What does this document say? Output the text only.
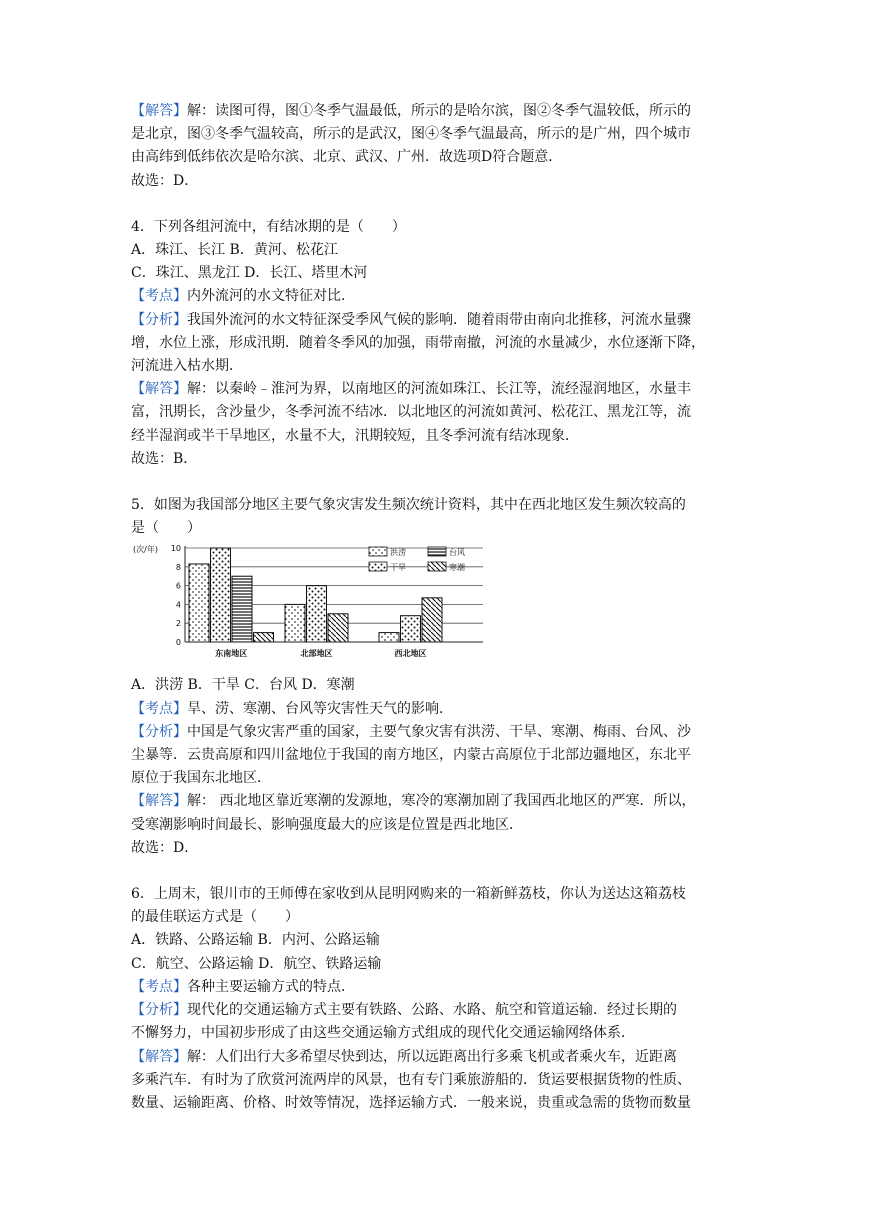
【解答】解：读图可得，图①冬季气温最低，所示的是哈尔滨，图②冬季气温较低，所示的

是北京，图③冬季气温较高，所示的是武汉，图④冬季气温最高，所示的是广州，四个城市

由高纬到低纬依次是哈尔滨、北京、武汉、广州．故选项D符合题意．

故选：D．

4．下列各组河流中，有结冰期的是（　　）

A．珠江、长江 B．黄河、松花江

C．珠江、黑龙江 D．长江、塔里木河

【考点】内外流河的水文特征对比．

【分析】我国外流河的水文特征深受季风气候的影响．随着雨带由南向北推移，河流水量骤

增，水位上涨，形成汛期．随着冬季风的加强，雨带南撤，河流的水量减少，水位逐渐下降，

河流进入枯水期．

【解答】解：以秦岭﹣淮河为界，以南地区的河流如珠江、长江等，流经湿润地区，水量丰

富，汛期长，含沙量少，冬季河流不结冰．以北地区的河流如黄河、松花江、黑龙江等，流

经半湿润或半干旱地区，水量不大，汛期较短，且冬季河流有结冰现象．

故选：B．

5．如图为我国部分地区主要气象灾害发生频次统计资料，其中在西北地区发生频次较高的

是（　　）

(次/年)
0
2
4
6
8
10
东南地区	北部地区	西北地区
洪涝
干旱
台风
寒潮

A．洪涝 B．干旱 C．台风 D．寒潮

【考点】旱、涝、寒潮、台风等灾害性天气的影响．

【分析】中国是气象灾害严重的国家，主要气象灾害有洪涝、干旱、寒潮、梅雨、台风、沙

尘暴等．云贵高原和四川盆地位于我国的南方地区，内蒙古高原位于北部边疆地区，东北平

原位于我国东北地区．

【解答】解： 西北地区靠近寒潮的发源地，寒冷的寒潮加剧了我国西北地区的严寒．所以，

受寒潮影响时间最长、影响强度最大的应该是位置是西北地区．

故选：D．

6．上周末，银川市的王师傅在家收到从昆明网购来的一箱新鲜荔枝，你认为送达这箱荔枝

的最佳联运方式是（　　）

A．铁路、公路运输 B．内河、公路运输

C．航空、公路运输 D．航空、铁路运输

【考点】各种主要运输方式的特点．

【分析】现代化的交通运输方式主要有铁路、公路、水路、航空和管道运输．经过长期的

不懈努力，中国初步形成了由这些交通运输方式组成的现代化交通运输网络体系．

【解答】解：人们出行大多希望尽快到达，所以远距离出行多乘飞机或者乘火车，近距离

多乘汽车．有时为了欣赏河流两岸的风景，也有专门乘旅游船的．货运要根据货物的性质、

数量、运输距离、价格、时效等情况，选择运输方式．一般来说，贵重或急需的货物而数量
